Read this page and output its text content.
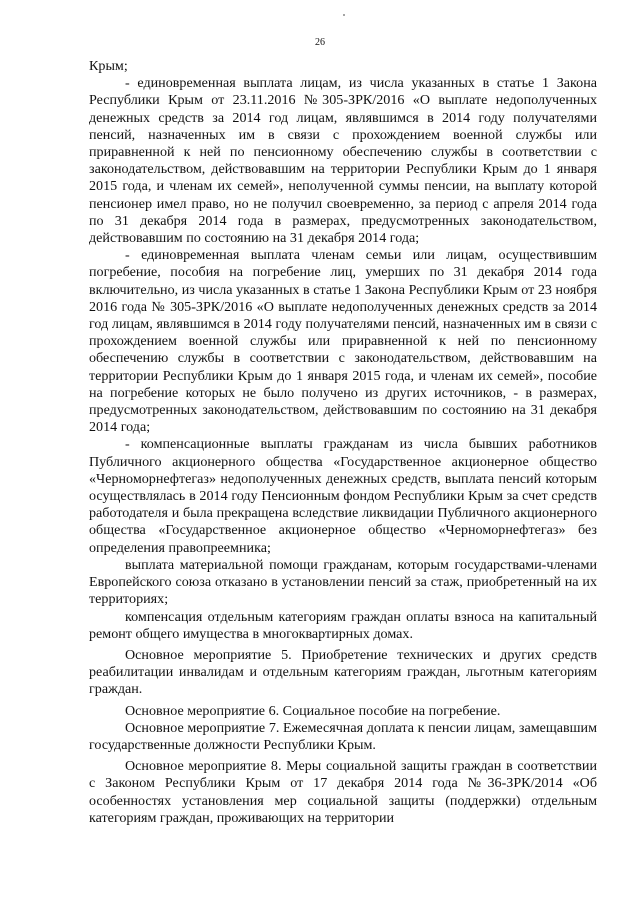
26

Крым;

- единовременная выплата лицам, из числа указанных в статье 1 Закона Республики Крым от 23.11.2016 №305-ЗРК/2016 «О выплате недополученных денежных средств за 2014 год лицам, являвшимся в 2014 году получателями пенсий, назначенных им в связи с прохождением военной службы или приравненной к ней по пенсионному обеспечению службы в соответствии с законодательством, действовавшим на территории Республики Крым до 1 января 2015 года, и членам их семей», неполученной суммы пенсии, на выплату которой пенсионер имел право, но не получил своевременно, за период с апреля 2014 года по 31 декабря 2014 года в размерах, предусмотренных законодательством, действовавшим по состоянию на 31 декабря 2014 года;

- единовременная выплата членам семьи или лицам, осуществившим погребение, пособия на погребение лиц, умерших по 31 декабря 2014 года включительно, из числа указанных в статье 1 Закона Республики Крым от 23 ноября 2016 года № 305-ЗРК/2016 «О выплате недополученных денежных средств за 2014 год лицам, являвшимся в 2014 году получателями пенсий, назначенных им в связи с прохождением военной службы или приравненной к ней по пенсионному обеспечению службы в соответствии с законодательством, действовавшим на территории Республики Крым до 1 января 2015 года, и членам их семей», пособие на погребение которых не было получено из других источников, - в размерах, предусмотренных законодательством, действовавшим по состоянию на 31 декабря 2014 года;

- компенсационные выплаты гражданам из числа бывших работников Публичного акционерного общества «Государственное акционерное общество «Черноморнефтегаз» недополученных денежных средств, выплата пенсий которым осуществлялась в 2014 году Пенсионным фондом Республики Крым за счет средств работодателя и была прекращена вследствие ликвидации Публичного акционерного общества «Государственное акционерное общество «Черноморнефтегаз» без определения правопреемника;

выплата материальной помощи гражданам, которым государствами-членами Европейского союза отказано в установлении пенсий за стаж, приобретенный на их территориях;

компенсация отдельным категориям граждан оплаты взноса на капитальный ремонт общего имущества в многоквартирных домах.

Основное мероприятие 5. Приобретение технических и других средств реабилитации инвалидам и отдельным категориям граждан, льготным категориям граждан.

Основное мероприятие 6. Социальное пособие на погребение.

Основное мероприятие 7. Ежемесячная доплата к пенсии лицам, замещавшим государственные должности Республики Крым.

Основное мероприятие 8. Меры социальной защиты граждан в соответствии с Законом Республики Крым от 17 декабря 2014 года №36-ЗРК/2014 «Об особенностях установления мер социальной защиты (поддержки) отдельным категориям граждан, проживающих на территории
